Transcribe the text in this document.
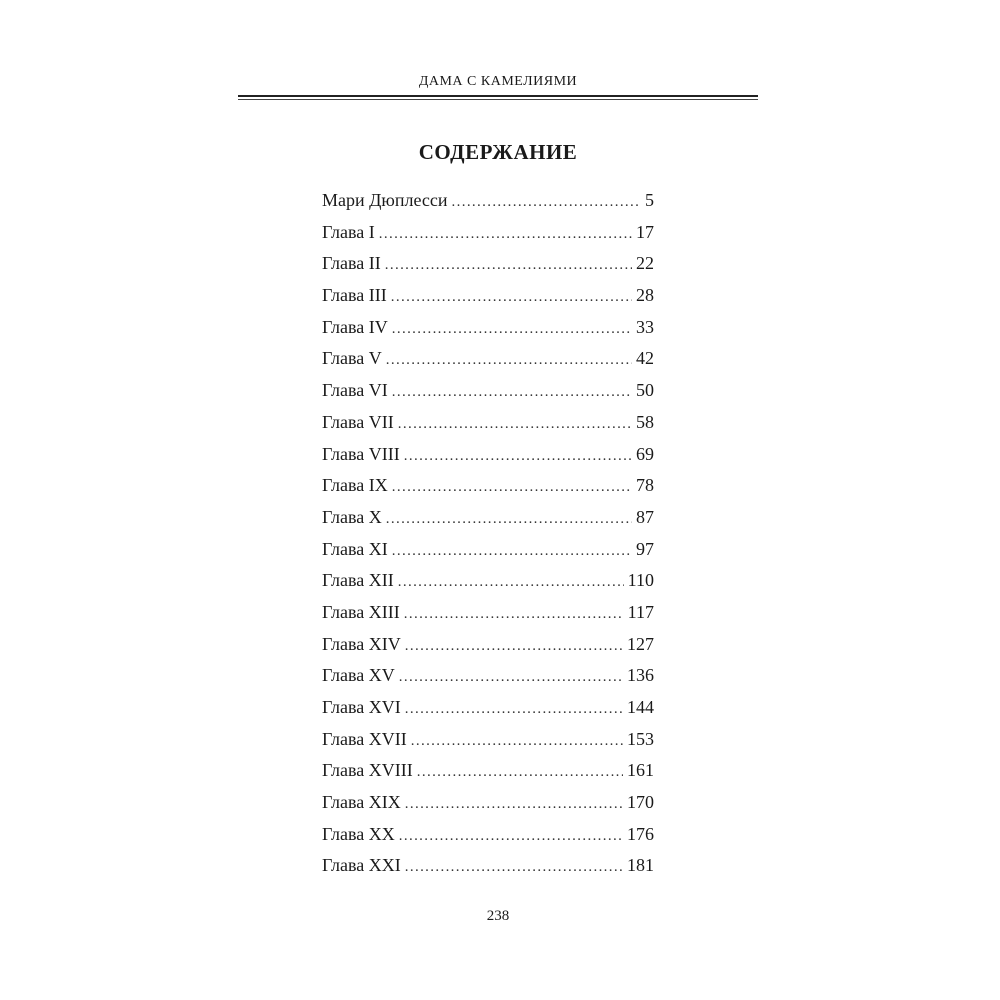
ДАМА С КАМЕЛИЯМИ
СОДЕРЖАНИЕ
Мари Дюплесси . . .	5
Глава I . . .	17
Глава II . . .	22
Глава III . . .	28
Глава IV . . .	33
Глава V . . .	42
Глава VI . . .	50
Глава VII . . .	58
Глава VIII . . .	69
Глава IX . . .	78
Глава X . . .	87
Глава XI . . .	97
Глава XII . . .	110
Глава XIII . . .	117
Глава XIV . . .	127
Глава XV . . .	136
Глава XVI . . .	144
Глава XVII . . .	153
Глава XVIII . . .	161
Глава XIX . . .	170
Глава XX . . .	176
Глава XXI . . .	181
238
